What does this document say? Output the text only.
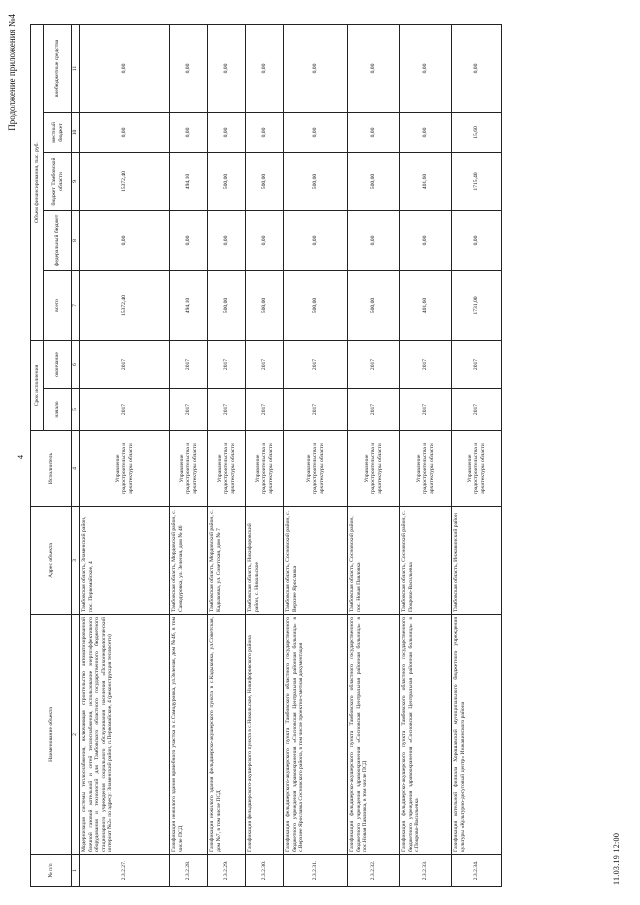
4
Продолжение приложения №4
№ п/п	Наименование объекта	Адрес объекта	Исполнитель	Срок исполнения		Объем финансирования, тыс. руб.				
				начало	окончание	всего	федеральный бюджет	бюджет Тамбовской области	местный бюджет	внебюджетные средства

1	2	3	4	5	6	7	8	9	10	11
2.3.2.27.	Модернизация системы теплоснабжения, включающая строительство автоматизированной блочной газовой котельной и сетей теплоснабжения, использование энергоэффективного оборудования и технологий для Тамбовского областного государственного бюджетного стационарного учреждения социального обслуживания населения «Психоневрологический интернат №2» по адресу: Знаменский район, п.Первомайское, 4 (реконструкция теплосети)	Тамбовская область, Знаменский район, пос. Первомайское, 4	Управление градостроительства и архитектуры области	2017	2017	15372,40	0,00	15372,40	0,00	0,00
2.3.2.28.	Газификация нежилого здания врачебного участка в с.Самодуровка, ул.Зеленая, дом №46, в том числе ПСД	Тамбовская область, Мордовский район, с. Самодуровка, ул. Зеленая, дом № 46	Управление градостроительства и архитектуры области	2017	2017	494,10	0,00	494,10	0,00	0,00
2.3.2.29.	Газификация нежилого здания фельдшерско-акушерского пункта в с.Кадыковка, ул.Советская, дом №7, в том числе ПСД	Тамбовская область, Мордовский район, с. Кадыковка, ул. Советская, дом № 7	Управление градостроительства и архитектуры области	2017	2017	500,00	0,00	500,00	0,00	0,00
2.3.2.30.	Газификация фельдшерского-акушерского пункта в с.Никольское, Никифоровского района	Тамбовская область, Никифоровский район, с. Никольское	Управление градостроительства и архитектуры области	2017	2017	500,00	0,00	500,00	0,00	0,00
2.3.2.31.	Газификация фельдшерского-акушерского пункта Тамбовского областного государственного бюджетного учреждения здравоохранения «Сосновская Центральная районная больница» в с.Верхнее Ярославка Сосновского района, в том числе проектно-сметная документация	Тамбовская область, Сосновский район, с. Верхнее Ярославка	Управление градостроительства и архитектуры области	2017	2017	500,00	0,00	500,00	0,00	0,00
2.3.2.32.	Газификация фельдшерско-акушерского пункта Тамбовского областного государственного бюджетного учреждения здравоохранения «Сосновская Центральная районная больница» в пос.Новая Павловка, в том числе ПСД	Тамбовская область, Сосновский район, пос. Новая Павловка	Управление градостроительства и архитектуры области	2017	2017	500,00	0,00	500,00	0,00	0,00
2.3.2.33.	Газификация фельдшерско-акушерского пункта Тамбовского областного государственного бюджетного учреждения здравоохранения «Сосновская Центральная районная больница» в с.Покрово-Васильевка	Тамбовская область, Сосновский район, с. Покрово-Васильевка	Управление градостроительства и архитектуры области	2017	2017	401,60	0,00	401,60	0,00	0,00
2.3.2.34.	Газификация котельной филиала Хорошавский муниципального бюджетного учреждения культуры «Культурно-досуговый центр» Инжавинского района	Тамбовская область, Инжавинский район	Управление градостроительства и архитектуры области	2017	2017	1731,00	0,00	1715,40	15,60	0,00
11.03.19 12:00
